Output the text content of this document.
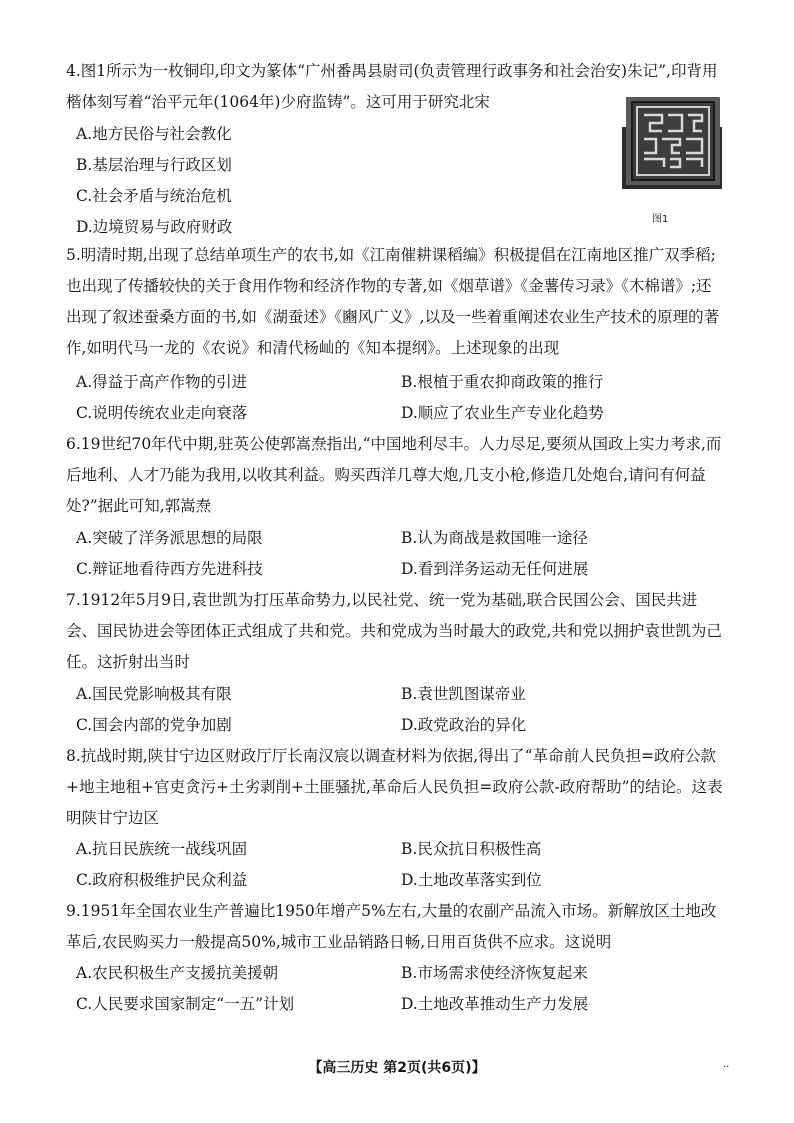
4.图1所示为一枚铜印,印文为篆体“广州番禺县尉司(负责管理行政事务和社会治安)朱记”,印背用楷体刻写着“治平元年(1064年)少府监铸”。这可用于研究北宋

A.地方民俗与社会教化
B.基层治理与行政区划
C.社会矛盾与统治危机
D.边境贸易与政府财政	图1

5.明清时期,出现了总结单项生产的农书,如《江南催耕课稻编》积极提倡在江南地区推广双季稻;也出现了传播较快的关于食用作物和经济作物的专著,如《烟草谱》《金薯传习录》《木棉谱》;还出现了叙述蚕桑方面的书,如《湖蚕述》《豳风广义》,以及一些着重阐述农业生产技术的原理的著作,如明代马一龙的《农说》和清代杨屾的《知本提纲》。上述现象的出现

A.得益于高产作物的引进	B.根植于重农抑商政策的推行
C.说明传统农业走向衰落	D.顺应了农业生产专业化趋势

6.19世纪70年代中期,驻英公使郭嵩焘指出,“中国地利尽丰。人力尽足,要须从国政上实力考求,而后地利、人才乃能为我用,以收其利益。购买西洋几尊大炮,几支小枪,修造几处炮台,请问有何益处?”据此可知,郭嵩焘

A.突破了洋务派思想的局限	B.认为商战是救国唯一途径
C.辩证地看待西方先进科技	D.看到洋务运动无任何进展

7.1912年5月9日,袁世凯为打压革命势力,以民社党、统一党为基础,联合民国公会、国民共进会、国民协进会等团体正式组成了共和党。共和党成为当时最大的政党,共和党以拥护袁世凯为己任。这折射出当时

A.国民党影响极其有限	B.袁世凯图谋帝业
C.国会内部的党争加剧	D.政党政治的异化

8.抗战时期,陕甘宁边区财政厅厅长南汉宸以调查材料为依据,得出了“革命前人民负担=政府公款+地主地租+官吏贪污+土劣剥削+土匪骚扰,革命后人民负担=政府公款-政府帮助”的结论。这表明陕甘宁边区

A.抗日民族统一战线巩固	B.民众抗日积极性高
C.政府积极维护民众利益	D.土地改革落实到位

9.1951年全国农业生产普遍比1950年增产5%左右,大量的农副产品流入市场。新解放区土地改革后,农民购买力一般提高50%,城市工业品销路日畅,日用百货供不应求。这说明

A.农民积极生产支援抗美援朝	B.市场需求使经济恢复起来
C.人民要求国家制定“一五”计划	D.土地改革推动生产力发展
【高三历史 第2页(共6页)】	··
